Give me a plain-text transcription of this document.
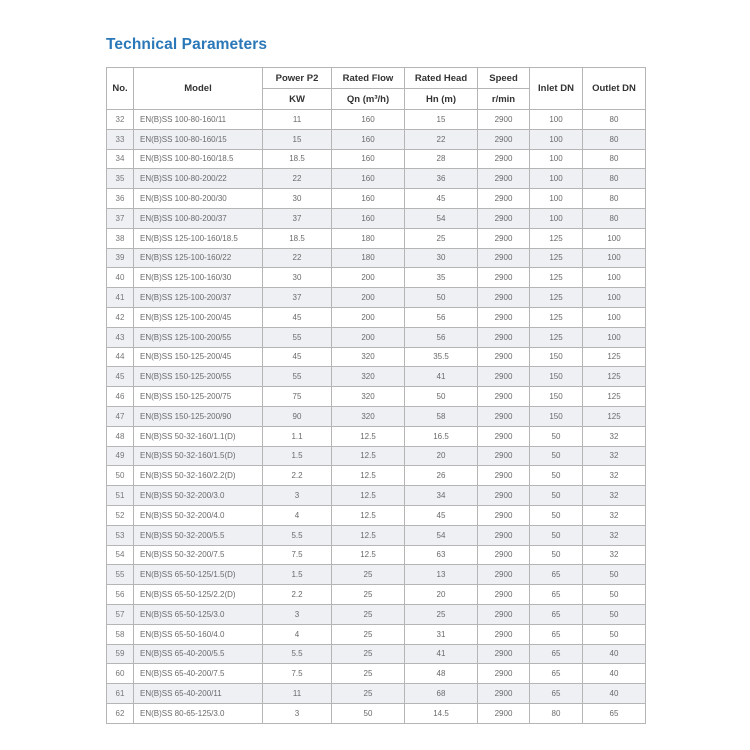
Technical Parameters
No.	Model	Power P2	Rated Flow	Rated Head	Speed	Inlet DN	Outlet DN
		KW	Qn (m³/h)	Hn (m)	r/min		
32	EN(B)SS 100-80-160/11	11	160	15	2900	100	80
33	EN(B)SS 100-80-160/15	15	160	22	2900	100	80
34	EN(B)SS 100-80-160/18.5	18.5	160	28	2900	100	80
35	EN(B)SS 100-80-200/22	22	160	36	2900	100	80
36	EN(B)SS 100-80-200/30	30	160	45	2900	100	80
37	EN(B)SS 100-80-200/37	37	160	54	2900	100	80
38	EN(B)SS 125-100-160/18.5	18.5	180	25	2900	125	100
39	EN(B)SS 125-100-160/22	22	180	30	2900	125	100
40	EN(B)SS 125-100-160/30	30	200	35	2900	125	100
41	EN(B)SS 125-100-200/37	37	200	50	2900	125	100
42	EN(B)SS 125-100-200/45	45	200	56	2900	125	100
43	EN(B)SS 125-100-200/55	55	200	56	2900	125	100
44	EN(B)SS 150-125-200/45	45	320	35.5	2900	150	125
45	EN(B)SS 150-125-200/55	55	320	41	2900	150	125
46	EN(B)SS 150-125-200/75	75	320	50	2900	150	125
47	EN(B)SS 150-125-200/90	90	320	58	2900	150	125
48	EN(B)SS 50-32-160/1.1(D)	1.1	12.5	16.5	2900	50	32
49	EN(B)SS 50-32-160/1.5(D)	1.5	12.5	20	2900	50	32
50	EN(B)SS 50-32-160/2.2(D)	2.2	12.5	26	2900	50	32
51	EN(B)SS 50-32-200/3.0	3	12.5	34	2900	50	32
52	EN(B)SS 50-32-200/4.0	4	12.5	45	2900	50	32
53	EN(B)SS 50-32-200/5.5	5.5	12.5	54	2900	50	32
54	EN(B)SS 50-32-200/7.5	7.5	12.5	63	2900	50	32
55	EN(B)SS 65-50-125/1.5(D)	1.5	25	13	2900	65	50
56	EN(B)SS 65-50-125/2.2(D)	2.2	25	20	2900	65	50
57	EN(B)SS 65-50-125/3.0	3	25	25	2900	65	50
58	EN(B)SS 65-50-160/4.0	4	25	31	2900	65	50
59	EN(B)SS 65-40-200/5.5	5.5	25	41	2900	65	40
60	EN(B)SS 65-40-200/7.5	7.5	25	48	2900	65	40
61	EN(B)SS 65-40-200/11	11	25	68	2900	65	40
62	EN(B)SS 80-65-125/3.0	3	50	14.5	2900	80	65
